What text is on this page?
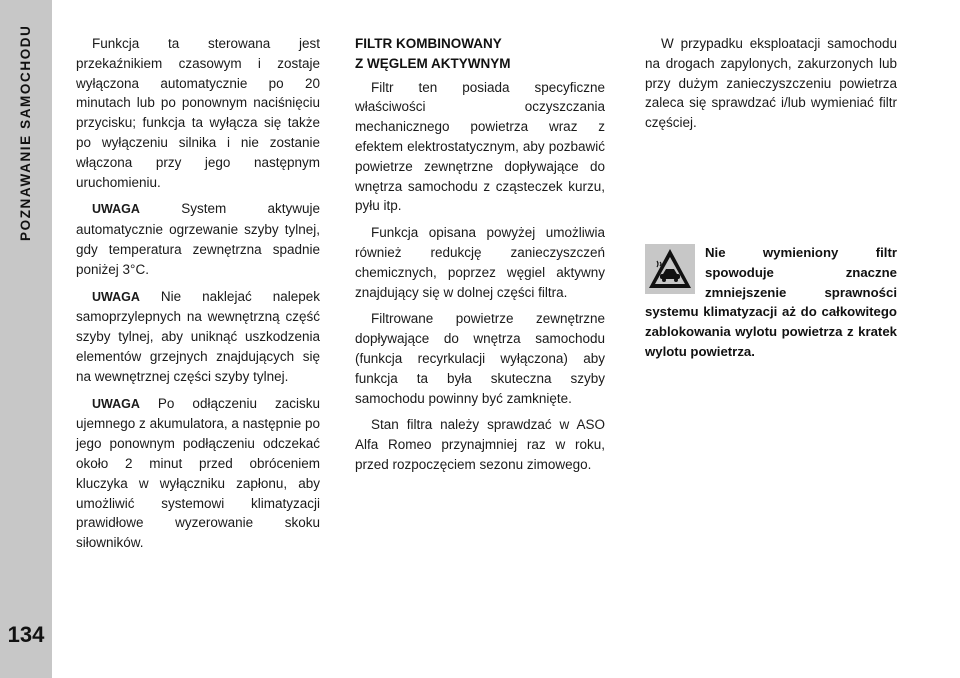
POZNAWANIE SAMOCHODU
134

Funkcja ta sterowana jest przekaźnikiem czasowym i zostaje wyłączona automatycznie po 20 minutach lub po ponownym naciśnięciu przycisku; funkcja ta wyłącza się także po wyłączeniu silnika i nie zostanie włączona przy jego następnym uruchomieniu.

UWAGA System aktywuje automatycznie ogrzewanie szyby tylnej, gdy temperatura zewnętrzna spadnie poniżej 3°C.

UWAGA Nie naklejać nalepek samoprzylepnych na wewnętrzną część szyby tylnej, aby uniknąć uszkodzenia elementów grzejnych znajdujących się na wewnętrznej części szyby tylnej.

UWAGA Po odłączeniu zacisku ujemnego z akumulatora, a następnie po jego ponownym podłączeniu odczekać około 2 minut przed obróceniem kluczyka w wyłączniku zapłonu, aby umożliwić systemowi klimatyzacji prawidłowe wyzerowanie skoku siłowników.

FILTR KOMBINOWANY
Z WĘGLEM AKTYWNYM

Filtr ten posiada specyficzne właściwości oczyszczania mechanicznego powietrza wraz z efektem elektrostatycznym, aby pozbawić powietrze zewnętrzne dopływające do wnętrza samochodu z cząsteczek kurzu, pyłu itp.

Funkcja opisana powyżej umożliwia również redukcję zanieczyszczeń chemicznych, poprzez węgiel aktywny znajdujący się w dolnej części filtra.

Filtrowane powietrze zewnętrzne dopływające do wnętrza samochodu (funkcja recyrkulacji wyłączona) aby funkcja ta była skuteczna szyby samochodu powinny być zamknięte.

Stan filtra należy sprawdzać w ASO Alfa Romeo przynajmniej raz w roku, przed rozpoczęciem sezonu zimowego.

W przypadku eksploatacji samochodu na drogach zapylonych, zakurzonych lub przy dużym zanieczyszczeniu powietrza zaleca się sprawdzać i/lub wymieniać filtr częściej.

Nie wymieniony filtr spowoduje znaczne zmniejszenie sprawności systemu klimatyzacji aż do całkowitego zablokowania wylotu powietrza z kratek wylotu powietrza.
